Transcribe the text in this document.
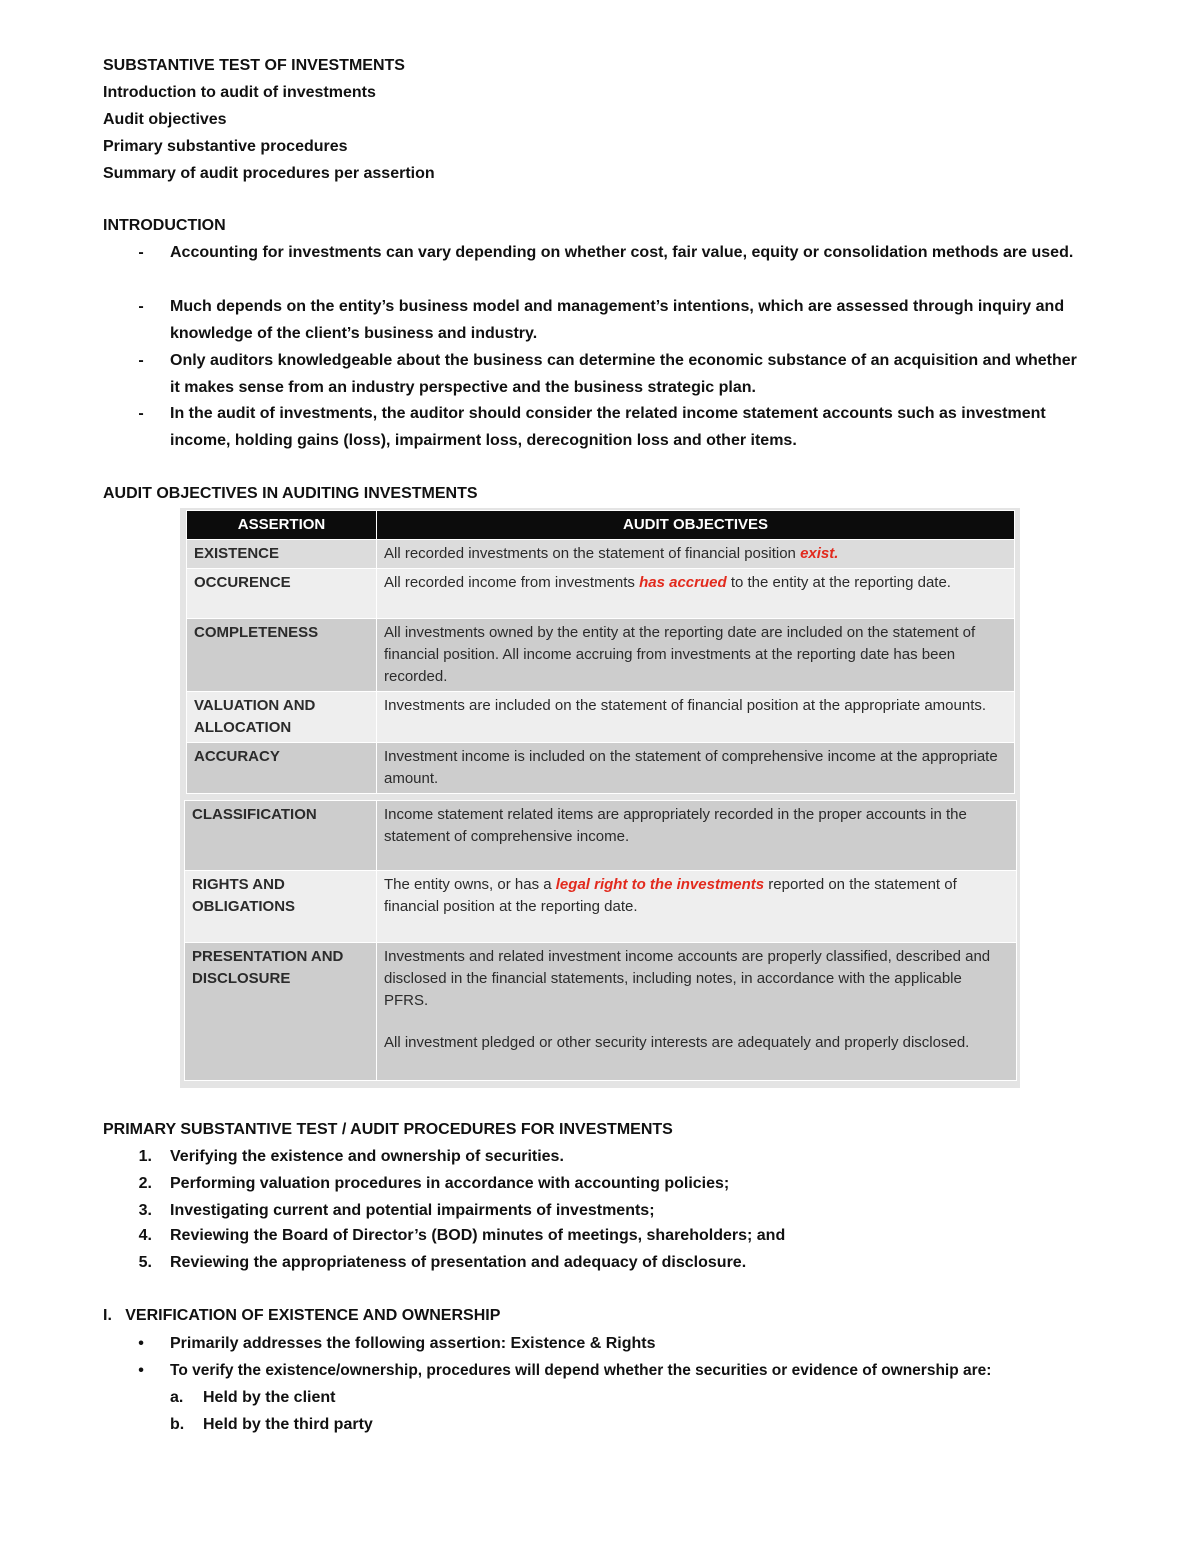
SUBSTANTIVE TEST OF INVESTMENTS
Introduction to audit of investments
Audit objectives
Primary substantive procedures
Summary of audit procedures per assertion
INTRODUCTION
- Accounting for investments can vary depending on whether cost, fair value, equity or consolidation methods are used.
- Much depends on the entity’s business model and management’s intentions, which are assessed through inquiry and knowledge of the client’s business and industry.
- Only auditors knowledgeable about the business can determine the economic substance of an acquisition and whether it makes sense from an industry perspective and the business strategic plan.
- In the audit of investments, the auditor should consider the related income statement accounts such as investment income, holding gains (loss), impairment loss, derecognition loss and other items.
AUDIT OBJECTIVES IN AUDITING INVESTMENTS
ASSERTION	AUDIT OBJECTIVES
EXISTENCE	All recorded investments on the statement of financial position exist.
OCCURENCE	All recorded income from investments has accrued to the entity at the reporting date.
COMPLETENESS	All investments owned by the entity at the reporting date are included on the statement of financial position. All income accruing from investments at the reporting date has been recorded.
VALUATION AND ALLOCATION	Investments are included on the statement of financial position at the appropriate amounts.
ACCURACY	Investment income is included on the statement of comprehensive income at the appropriate amount.
CLASSIFICATION	Income statement related items are appropriately recorded in the proper accounts in the statement of comprehensive income.
RIGHTS AND OBLIGATIONS	The entity owns, or has a legal right to the investments reported on the statement of financial position at the reporting date.
PRESENTATION AND DISCLOSURE	Investments and related investment income accounts are properly classified, described and disclosed in the financial statements, including notes, in accordance with the applicable PFRS.
All investment pledged or other security interests are adequately and properly disclosed.
PRIMARY SUBSTANTIVE TEST / AUDIT PROCEDURES FOR INVESTMENTS
1. Verifying the existence and ownership of securities.
2. Performing valuation procedures in accordance with accounting policies;
3. Investigating current and potential impairments of investments;
4. Reviewing the Board of Director’s (BOD) minutes of meetings, shareholders; and
5. Reviewing the appropriateness of presentation and adequacy of disclosure.
I.   VERIFICATION OF EXISTENCE AND OWNERSHIP
• Primarily addresses the following assertion: Existence & Rights
• To verify the existence/ownership, procedures will depend whether the securities or evidence of ownership are:
a.	Held by the client
b.	Held by the third party
